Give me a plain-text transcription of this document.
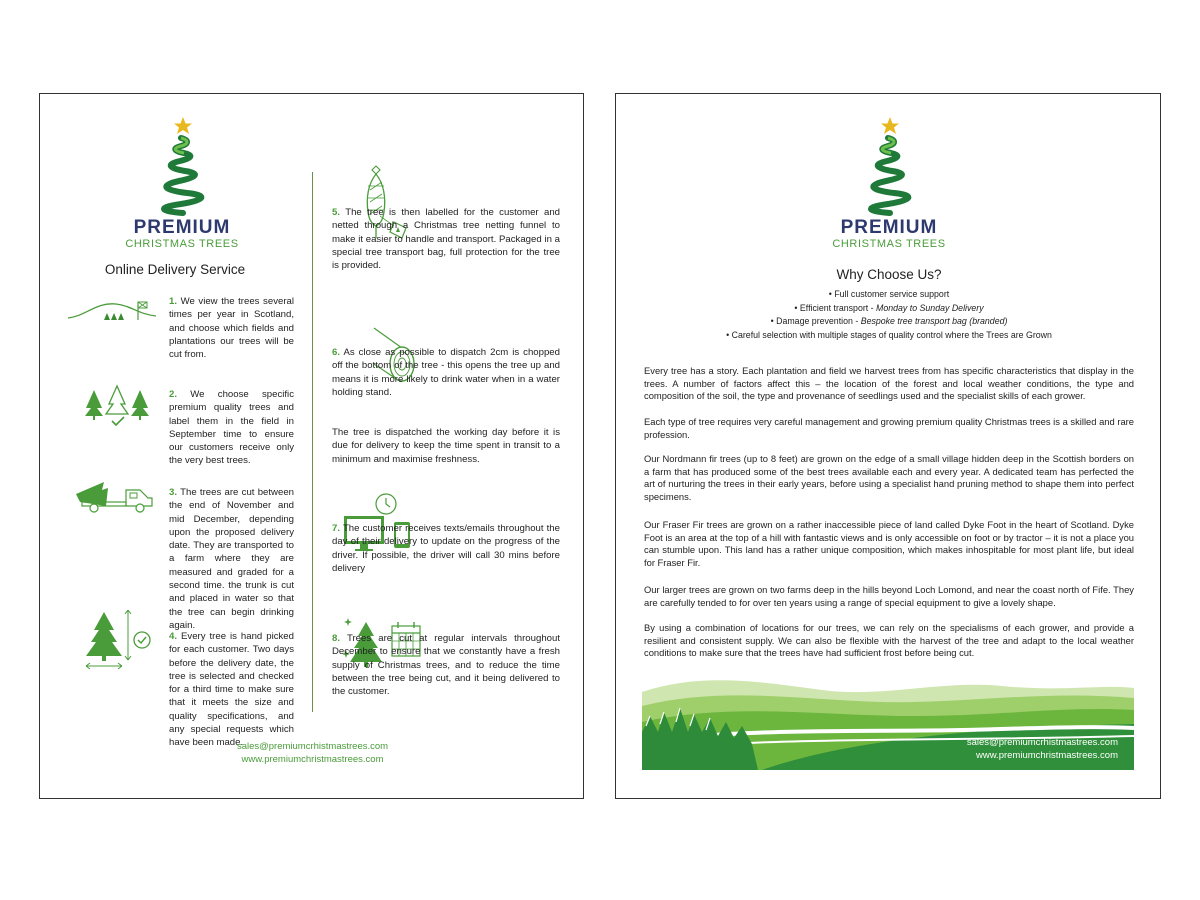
PREMIUM
CHRISTMAS TREES
Online Delivery Service
1. We view the trees several times per year in Scotland, and choose which fields and plantations our trees will be cut from.
2. We choose specific premium quality trees and label them in the field in September time to ensure our customers receive only the very best trees.
3. The trees are cut between the end of November and mid December, depending upon the proposed delivery date. They are transported to a farm where they are measured and graded for a second time. the trunk is cut and placed in water so that the tree can begin drinking again.
4. Every tree is hand picked for each customer. Two days before the delivery date, the tree is selected and checked for a third time to make sure that it meets the size and quality specifications, and any special requests which have been made.
5. The tree is then labelled for the customer and netted through a Christmas tree netting funnel to make it easier to handle and transport. Packaged in a special tree transport bag, full protection for the tree is provided.
6. As close as possible to dispatch 2cm is chopped off the bottom of the tree - this opens the tree up and means it is more likely to drink water when in a water holding stand.
The tree is dispatched the working day before it is due for delivery to keep the time spent in transit to a minimum and maximise freshness.
7. The customer receives texts/emails throughout the day of their delivery to update on the progress of the driver. If possible, the driver will call 30 mins before delivery
8. Trees are cut at regular intervals throughout December to ensure that we constantly have a fresh supply of Christmas trees, and to reduce the time between the tree being cut, and it being delivered to the customer.
sales@premiumcrhistmastrees.com
www.premiumchristmastrees.com
PREMIUM
CHRISTMAS TREES
Why Choose Us?
• Full customer service support
• Efficient transport - Monday to Sunday Delivery
• Damage prevention - Bespoke tree transport bag (branded)
• Careful selection with multiple stages of quality control where the Trees are Grown
Every tree has a story. Each plantation and field we harvest trees from has specific characteristics that display in the trees. A number of factors affect this – the location of the forest and local weather conditions, the type and composition of the soil, the type and provenance of seedlings used and the specialist skills of each grower.
Each type of tree requires very careful management and growing premium quality Christmas trees is a skilled and rare profession.
Our Nordmann fir trees (up to 8 feet) are grown on the edge of a small village hidden deep in the Scottish borders on a farm that has produced some of the best trees available each and every year. A dedicated team has perfected the art of nurturing the trees in their early years, before using a specialist hand pruning method to shape them into perfect specimens.
Our Fraser Fir trees are grown on a rather inaccessible piece of land called Dyke Foot in the heart of Scotland. Dyke Foot is an area at the top of a hill with fantastic views and is only accessible on foot or by tractor – it is not a place you can stumble upon. This land has a rather unique composition, which makes inhospitable for most plant life, but ideal for Fraser Fir.
Our larger trees are grown on two farms deep in the hills beyond Loch Lomond, and near the coast north of Fife. They are carefully tended to for over ten years using a range of special equipment to give a lovely shape.
By using a combination of locations for our trees, we can rely on the specialisms of each grower, and provide a resilient and consistent supply. We can also be flexible with the harvest of the tree and adapt to the local weather conditions to make sure that the trees have had sufficient frost before being cut.
sales@premiumcrhistmastrees.com
www.premiumchristmastrees.com
